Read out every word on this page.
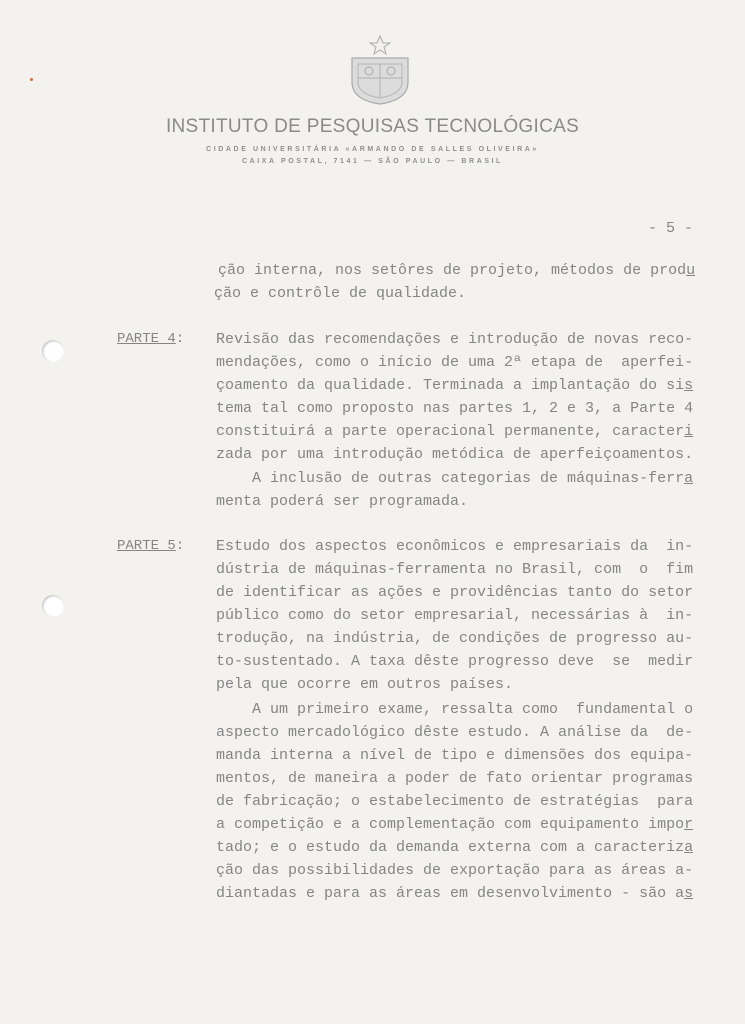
INSTITUTO DE PESQUISAS TECNOLÓGICAS
CIDADE UNIVERSITÁRIA «ARMANDO DE SALLES OLIVEIRA»
CAIXA POSTAL, 7141 — SÃO PAULO — BRASIL
- 5 -
PARTE 4:
PARTE 5:
ção interna, nos setôres de projeto, métodos de produ
ção e contrôle de qualidade.
Revisão das recomendações e introdução de novas reco-
mendações, como o início de uma 2ª etapa de  aperfei-
çoamento da qualidade. Terminada a implantação do sis
tema tal como proposto nas partes 1, 2 e 3, a Parte 4
constituirá a parte operacional permanente, caracteri
zada por uma introdução metódica de aperfeiçoamentos.
A inclusão de outras categorias de máquinas-ferra
menta poderá ser programada.
Estudo dos aspectos econômicos e empresariais da  in-
dústria de máquinas-ferramenta no Brasil, com  o  fim
de identificar as ações e providências tanto do setor
público como do setor empresarial, necessárias à  in-
trodução, na indústria, de condições de progresso au-
to-sustentado. A taxa dêste progresso deve  se  medir
pela que ocorre em outros países.
A um primeiro exame, ressalta como  fundamental o
aspecto mercadológico dêste estudo. A análise da  de-
manda interna a nível de tipo e dimensões dos equipa-
mentos, de maneira a poder de fato orientar programas
de fabricação; o estabelecimento de estratégias  para
a competição e a complementação com equipamento impor
tado; e o estudo da demanda externa com a caracteriza
ção das possibilidades de exportação para as áreas a-
diantadas e para as áreas em desenvolvimento - são as
